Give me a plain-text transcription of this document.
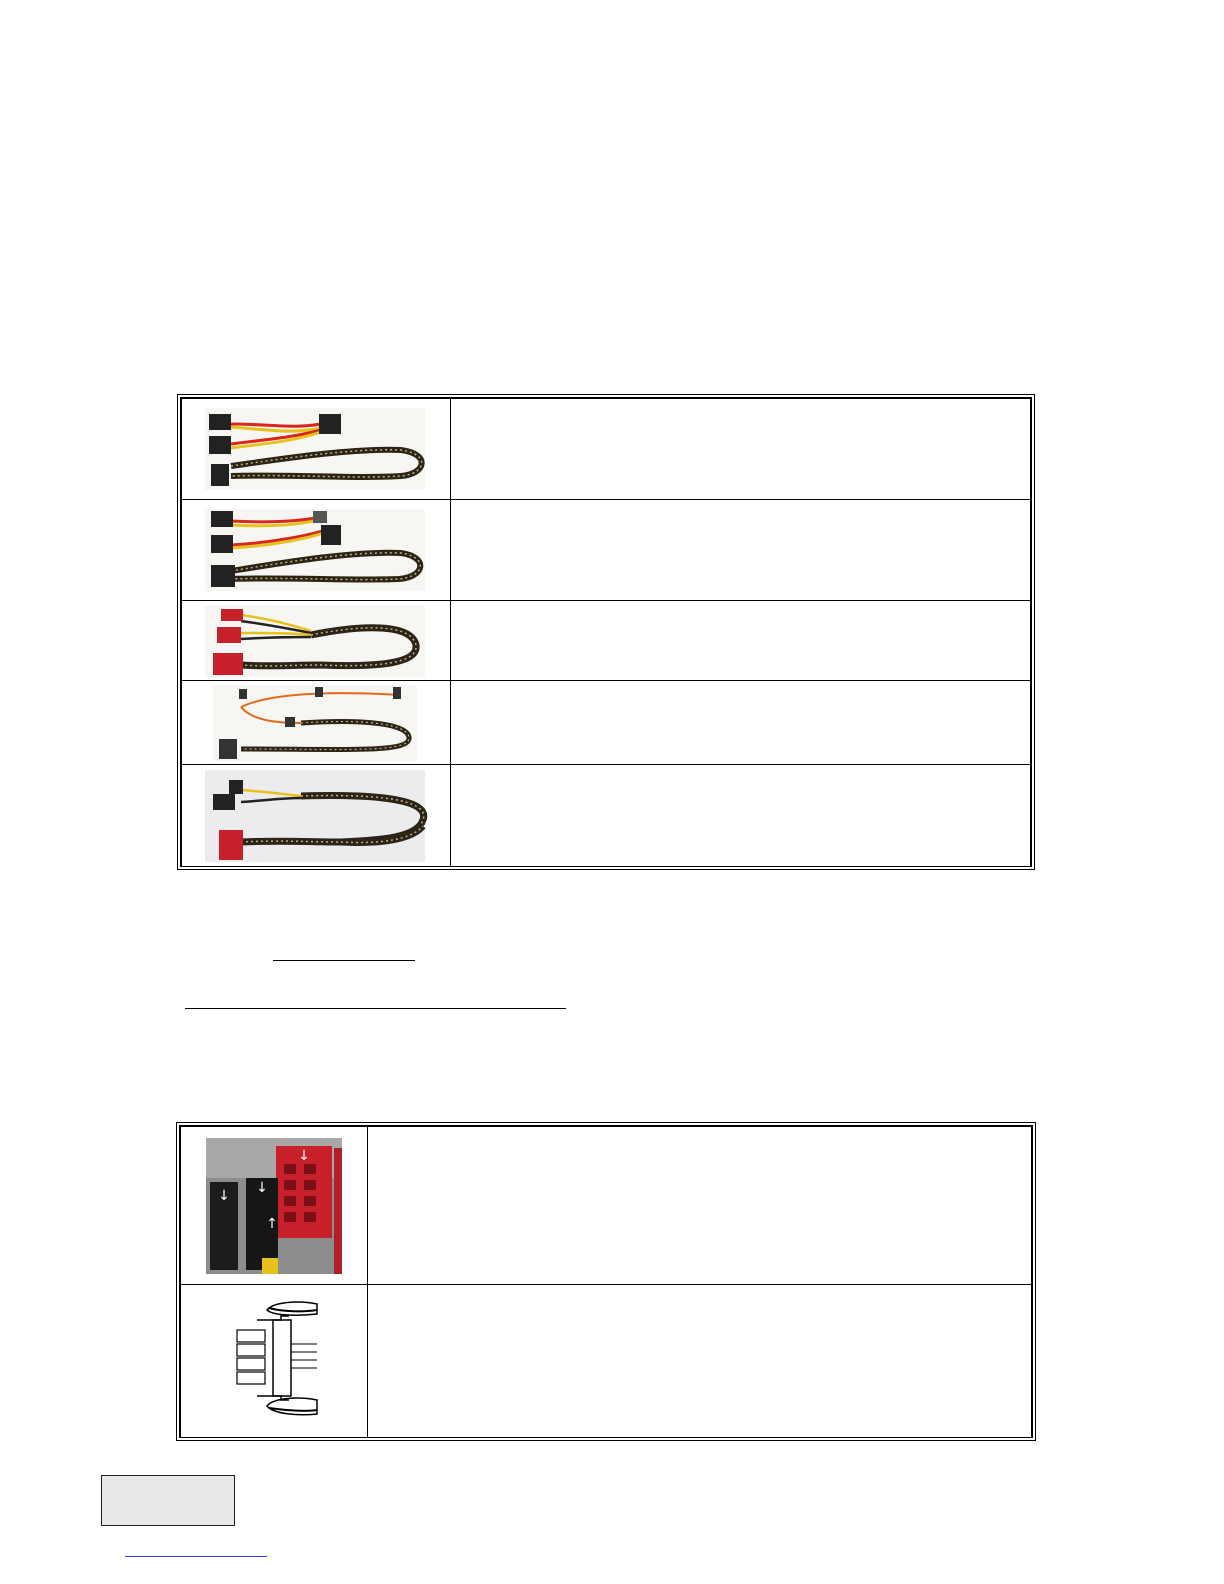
↓ ↓
↓
↑	
